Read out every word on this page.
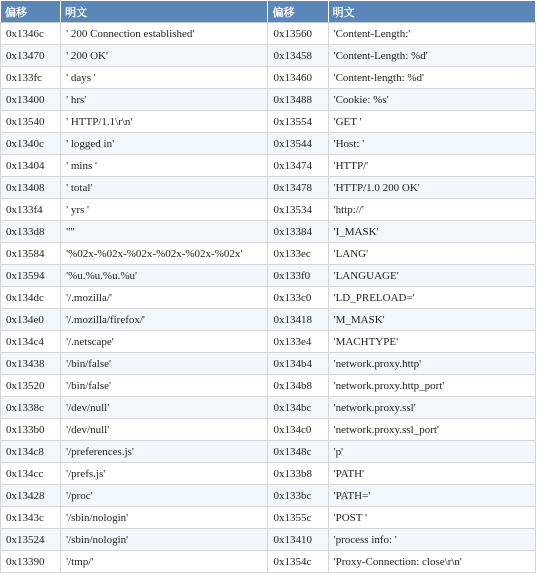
偏移	明文	偏移	明文
0x1346c	' 200 Connection established'	0x13560	'Content-Length:'
0x13470	' 200 OK'	0x13458	'Content-Length: %d'
0x133fc	' days '	0x13460	'Content-length: %d'
0x13400	' hrs'	0x13488	'Cookie: %s'
0x13540	' HTTP/1.1\r\n'	0x13554	'GET '
0x1340c	' logged in'	0x13544	'Host: '
0x13404	' mins '	0x13474	'HTTP/'
0x13408	' total'	0x13478	'HTTP/1.0 200 OK'
0x133f4	' yrs '	0x13534	'http://'
0x133d8	'"'	0x13384	'I_MASK'
0x13584	'%02x-%02x-%02x-%02x-%02x-%02x'	0x133ec	'LANG'
0x13594	'%u.%u.%u.%u'	0x133f0	'LANGUAGE'
0x134dc	'/.mozilla/'	0x133c0	'LD_PRELOAD='
0x134e0	'/.mozilla/firefox/'	0x13418	'M_MASK'
0x134c4	'/.netscape'	0x133e4	'MACHTYPE'
0x13438	'/bin/false'	0x134b4	'network.proxy.http'
0x13520	'/bin/false'	0x134b8	'network.proxy.http_port'
0x1338c	'/dev/null'	0x134bc	'network.proxy.ssl'
0x133b0	'/dev/null'	0x134c0	'network.proxy.ssl_port'
0x134c8	'/preferences.js'	0x1348c	'p'
0x134cc	'/prefs.js'	0x133b8	'PATH'
0x13428	'/proc'	0x133bc	'PATH='
0x1343c	'/sbin/nologin'	0x1355c	'POST '
0x13524	'/sbin/nologin'	0x13410	'process info: '
0x13390	'/tmp/'	0x1354c	'Proxy-Connection: close\r\n'
